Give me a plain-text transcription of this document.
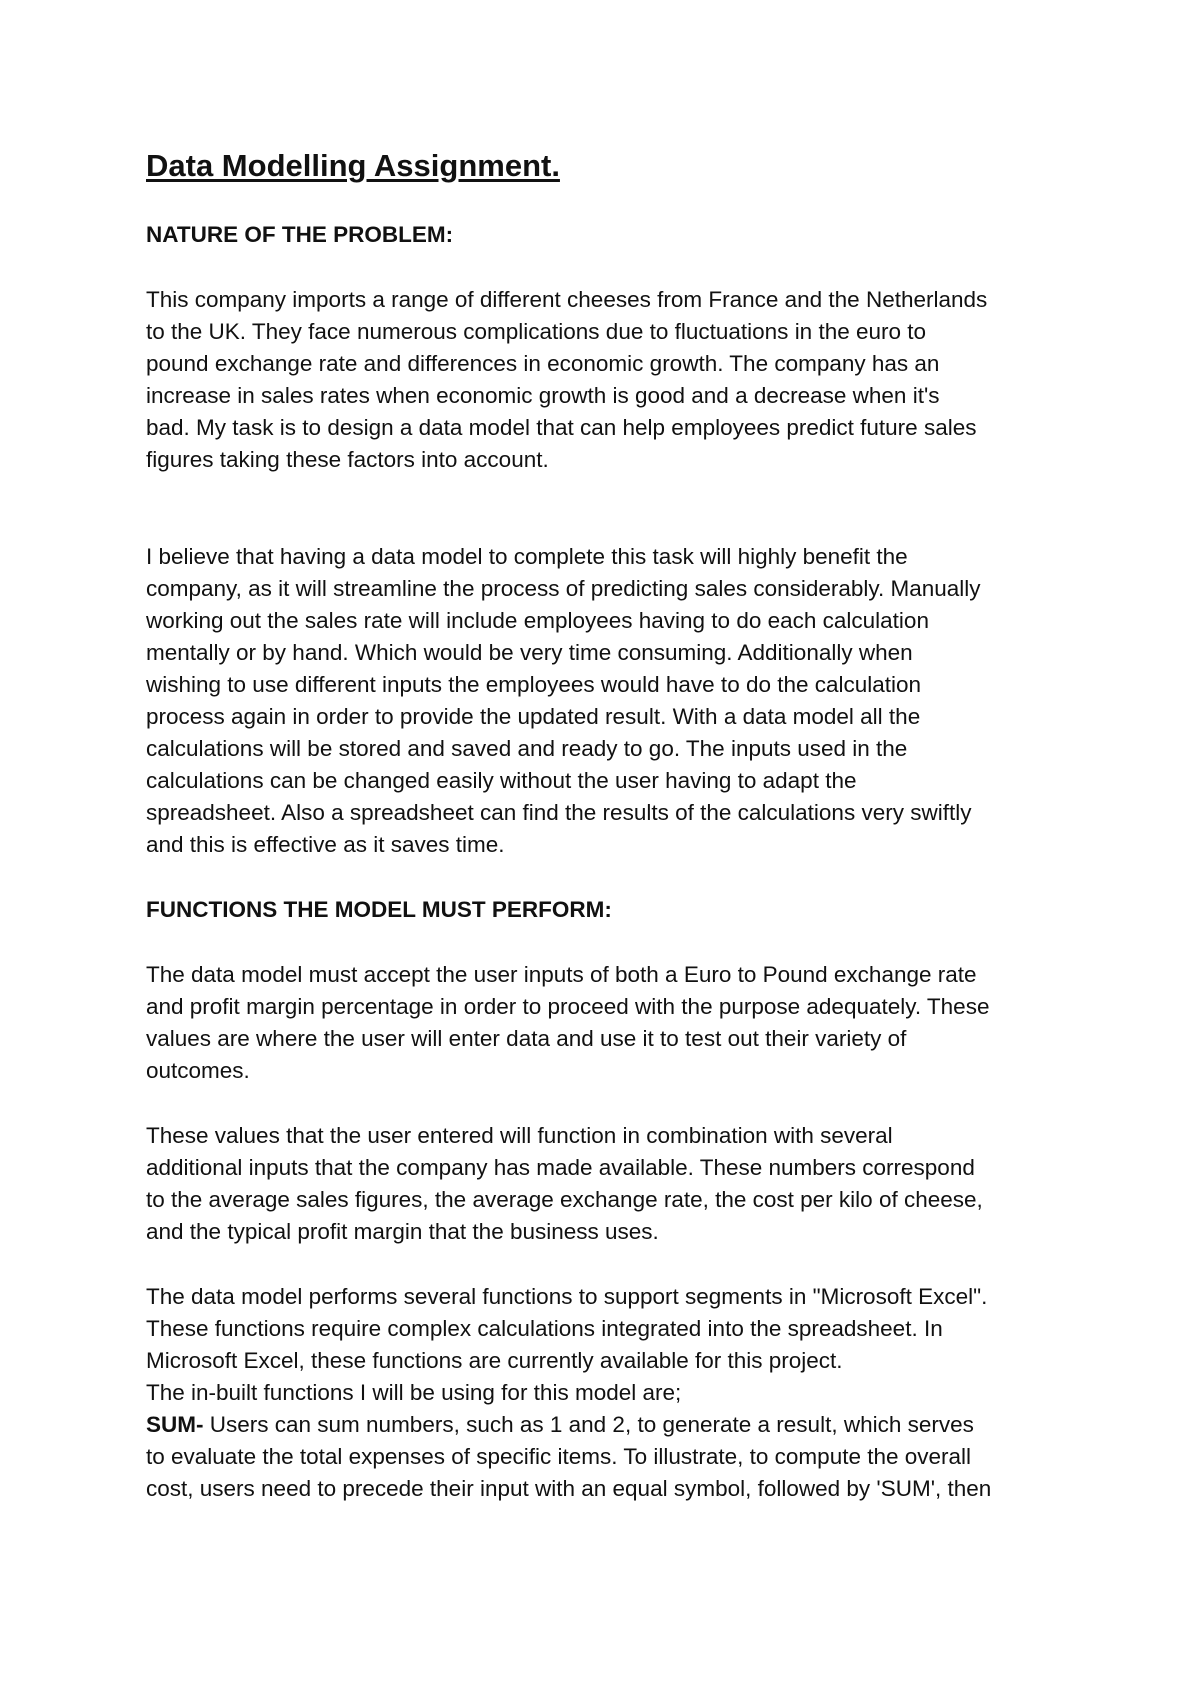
Data Modelling Assignment.
NATURE OF THE PROBLEM:

This company imports a range of different cheeses from France and the Netherlands

to the UK. They face numerous complications due to fluctuations in the euro to

pound exchange rate and differences in economic growth. The company has an

increase in sales rates when economic growth is good and a decrease when it's

bad. My task is to design a data model that can help employees predict future sales

figures taking these factors into account.

I believe that having a data model to complete this task will highly benefit the

company, as it will streamline the process of predicting sales considerably. Manually

working out the sales rate will include employees having to do each calculation

mentally or by hand. Which would be very time consuming. Additionally when

wishing to use different inputs the employees would have to do the calculation

process again in order to provide the updated result. With a data model all the

calculations will be stored and saved and ready to go. The inputs used in the

calculations can be changed easily without the user having to adapt the

spreadsheet. Also a spreadsheet can find the results of the calculations very swiftly

and this is effective as it saves time.

FUNCTIONS THE MODEL MUST PERFORM:

The data model must accept the user inputs of both a Euro to Pound exchange rate

and profit margin percentage in order to proceed with the purpose adequately. These

values are where the user will enter data and use it to test out their variety of

outcomes.

These values that the user entered will function in combination with several

additional inputs that the company has made available. These numbers correspond

to the average sales figures, the average exchange rate, the cost per kilo of cheese,

and the typical profit margin that the business uses.

The data model performs several functions to support segments in "Microsoft Excel".

These functions require complex calculations integrated into the spreadsheet. In

Microsoft Excel, these functions are currently available for this project.

The in-built functions I will be using for this model are;

SUM- Users can sum numbers, such as 1 and 2, to generate a result, which serves

to evaluate the total expenses of specific items. To illustrate, to compute the overall

cost, users need to precede their input with an equal symbol, followed by 'SUM', then
